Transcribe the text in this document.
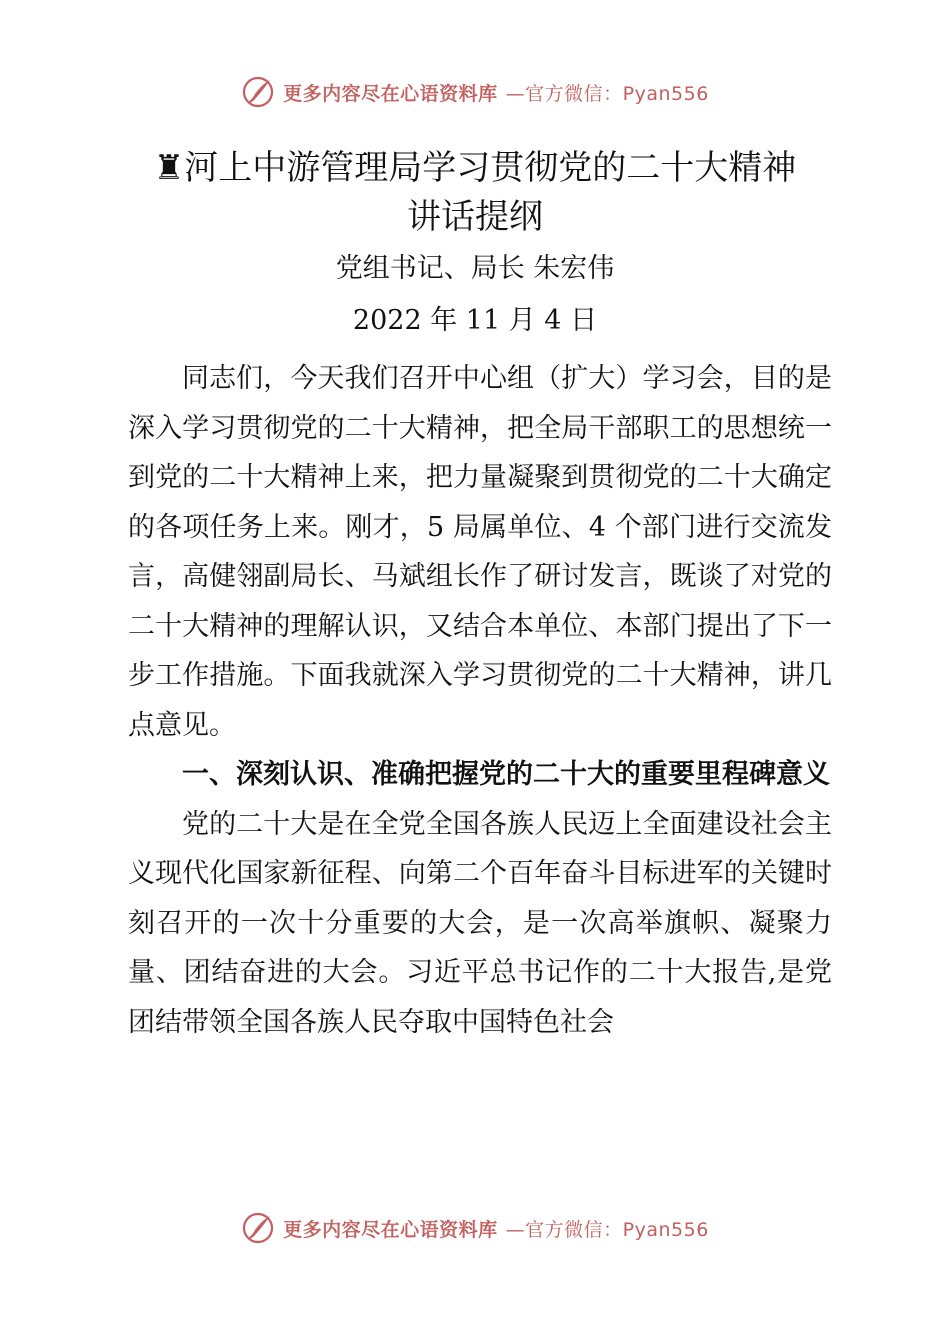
更多内容尽在心语资料库 —官方微信：Pyan556
♜河上中游管理局学习贯彻党的二十大精神
讲话提纲
党组书记、局长 朱宏伟
2022 年 11 月 4 日

同志们，今天我们召开中心组（扩大）学习会，目的是深入学习贯彻党的二十大精神，把全局干部职工的思想统一到党的二十大精神上来，把力量凝聚到贯彻党的二十大确定的各项任务上来。刚才，5 局属单位、4 个部门进行交流发言，高健翎副局长、马斌组长作了研讨发言，既谈了对党的二十大精神的理解认识，又结合本单位、本部门提出了下一步工作措施。下面我就深入学习贯彻党的二十大精神，讲几点意见。

一、深刻认识、准确把握党的二十大的重要里程碑意义

党的二十大是在全党全国各族人民迈上全面建设社会主义现代化国家新征程、向第二个百年奋斗目标进军的关键时刻召开的一次十分重要的大会，是一次高举旗帜、凝聚力量、团结奋进的大会。习近平总书记作的二十大报告,是党团结带领全国各族人民夺取中国特色社会

更多内容尽在心语资料库 —官方微信：Pyan556
